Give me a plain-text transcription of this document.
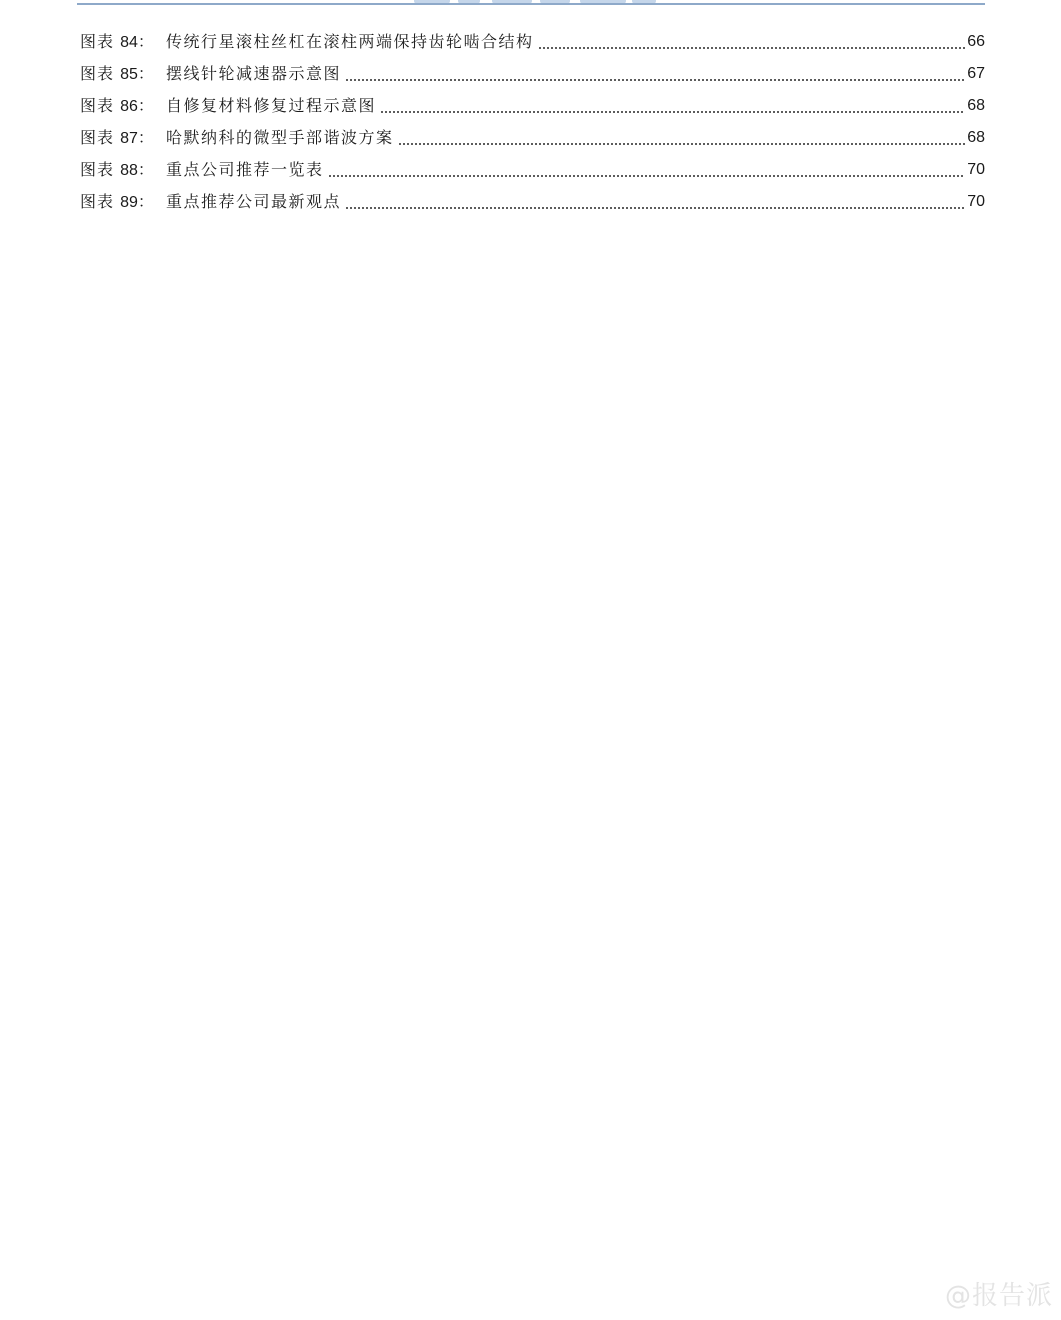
图表 84： 传统行星滚柱丝杠在滚柱两端保持齿轮啮合结构	66
图表 85： 摆线针轮减速器示意图	67
图表 86： 自修复材料修复过程示意图	68
图表 87： 哈默纳科的微型手部谐波方案	68
图表 88： 重点公司推荐一览表	70
图表 89： 重点推荐公司最新观点	70
@报告派
